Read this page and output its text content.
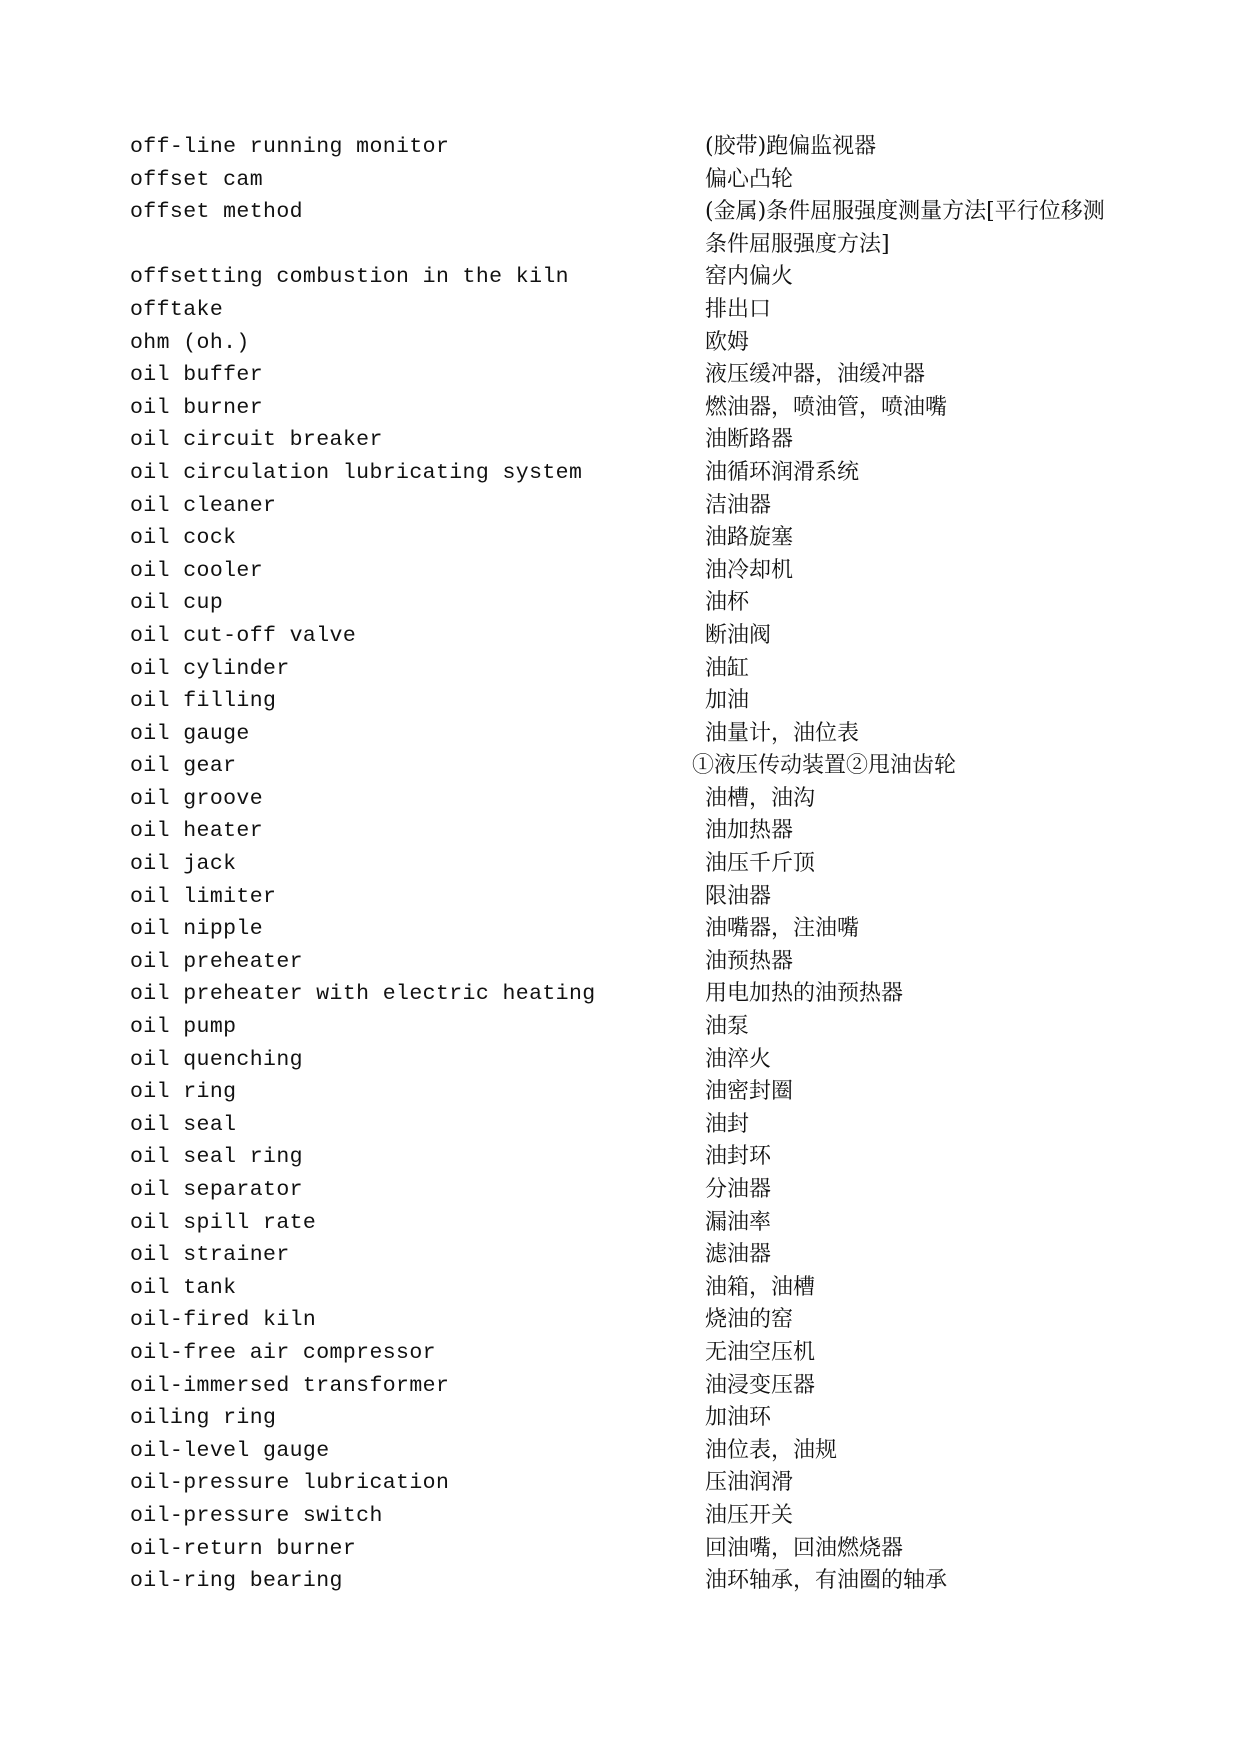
off-line running monitor	(胶带)跑偏监视器
offset cam	偏心凸轮
offset method	(金属)条件屈服强度测量方法[平行位移测条件屈服强度方法]
offsetting combustion in the kiln	窑内偏火
offtake	排出口
ohm (oh.)	欧姆
oil buffer	液压缓冲器，油缓冲器
oil burner	燃油器，喷油管，喷油嘴
oil circuit breaker	油断路器
oil circulation lubricating system	油循环润滑系统
oil cleaner	洁油器
oil cock	油路旋塞
oil cooler	油冷却机
oil cup	油杯
oil cut-off valve	断油阀
oil cylinder	油缸
oil filling	加油
oil gauge	油量计，油位表
oil gear	①液压传动装置②甩油齿轮
oil groove	油槽，油沟
oil heater	油加热器
oil jack	油压千斤顶
oil limiter	限油器
oil nipple	油嘴器，注油嘴
oil preheater	油预热器
oil preheater with electric heating	用电加热的油预热器
oil pump	油泵
oil quenching	油淬火
oil ring	油密封圈
oil seal	油封
oil seal ring	油封环
oil separator	分油器
oil spill rate	漏油率
oil strainer	滤油器
oil tank	油箱，油槽
oil-fired kiln	烧油的窑
oil-free air compressor	无油空压机
oil-immersed transformer	油浸变压器
oiling ring	加油环
oil-level gauge	油位表，油规
oil-pressure lubrication	压油润滑
oil-pressure switch	油压开关
oil-return burner	回油嘴，回油燃烧器
oil-ring bearing	油环轴承，有油圈的轴承
